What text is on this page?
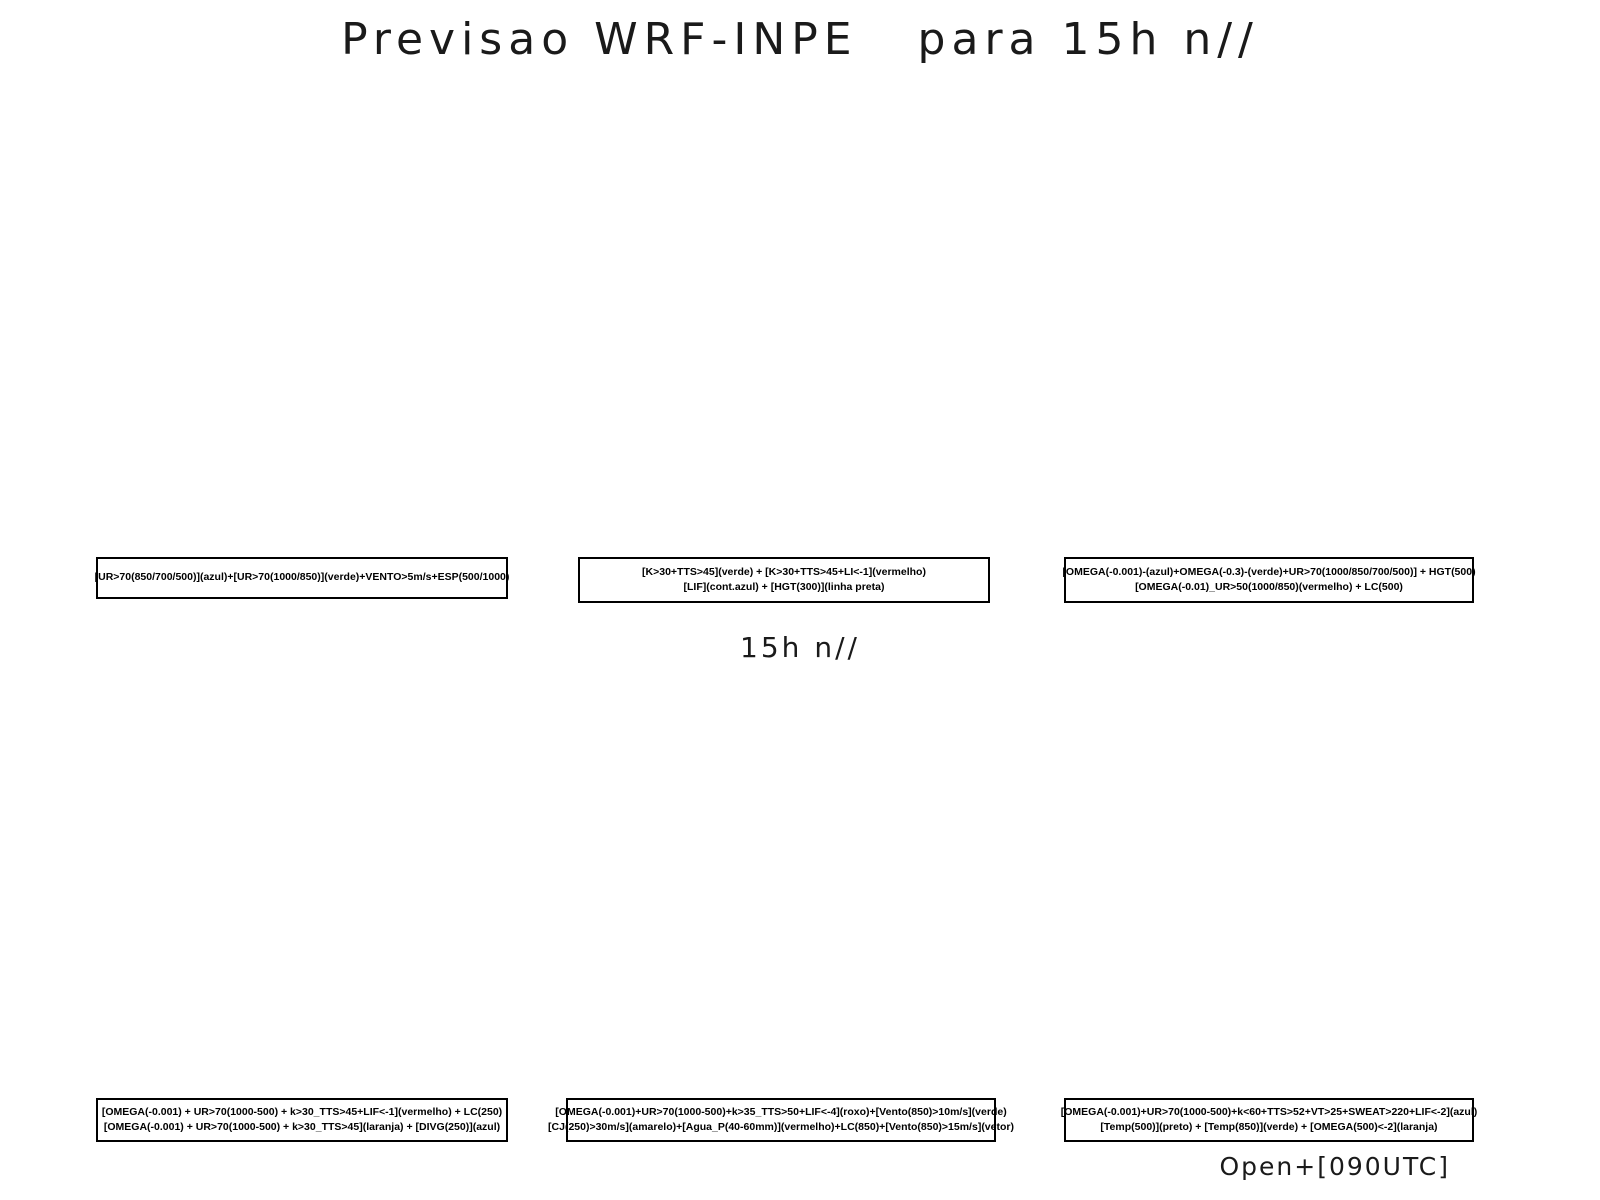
Previsao WRF-INPE   para 15h n//
15h n//
[UR>70(850/700/500)](azul)+[UR>70(1000/850)](verde)+VENTO>5m/s+ESP(500/1000)	[K>30+TTS>45](verde) + [K>30+TTS>45+LI<-1](vermelho)
[LIF](cont.azul) + [HGT(300)](linha preta)
[OMEGA(-0.001)-(azul)+OMEGA(-0.3)-(verde)+UR>70(1000/850/700/500)] + HGT(500)
[OMEGA(-0.01)_UR>50(1000/850)(vermelho) + LC(500)
[OMEGA(-0.001) + UR>70(1000-500) + k>30_TTS>45+LIF<-1](vermelho) + LC(250)
[OMEGA(-0.001) + UR>70(1000-500) + k>30_TTS>45](laranja) + [DIVG(250)](azul)
[OMEGA(-0.001)+UR>70(1000-500)+k>35_TTS>50+LIF<-4](roxo)+[Vento(850)>10m/s](verde)
[CJ(250)>30m/s](amarelo)+[Agua_P(40-60mm)](vermelho)+LC(850)+[Vento(850)>15m/s](vetor)
[OMEGA(-0.001)+UR>70(1000-500)+k<60+TTS>52+VT>25+SWEAT>220+LIF<-2](azul)
[Temp(500)](preto) + [Temp(850)](verde) + [OMEGA(500)<-2](laranja)
Open+[090UTC]
